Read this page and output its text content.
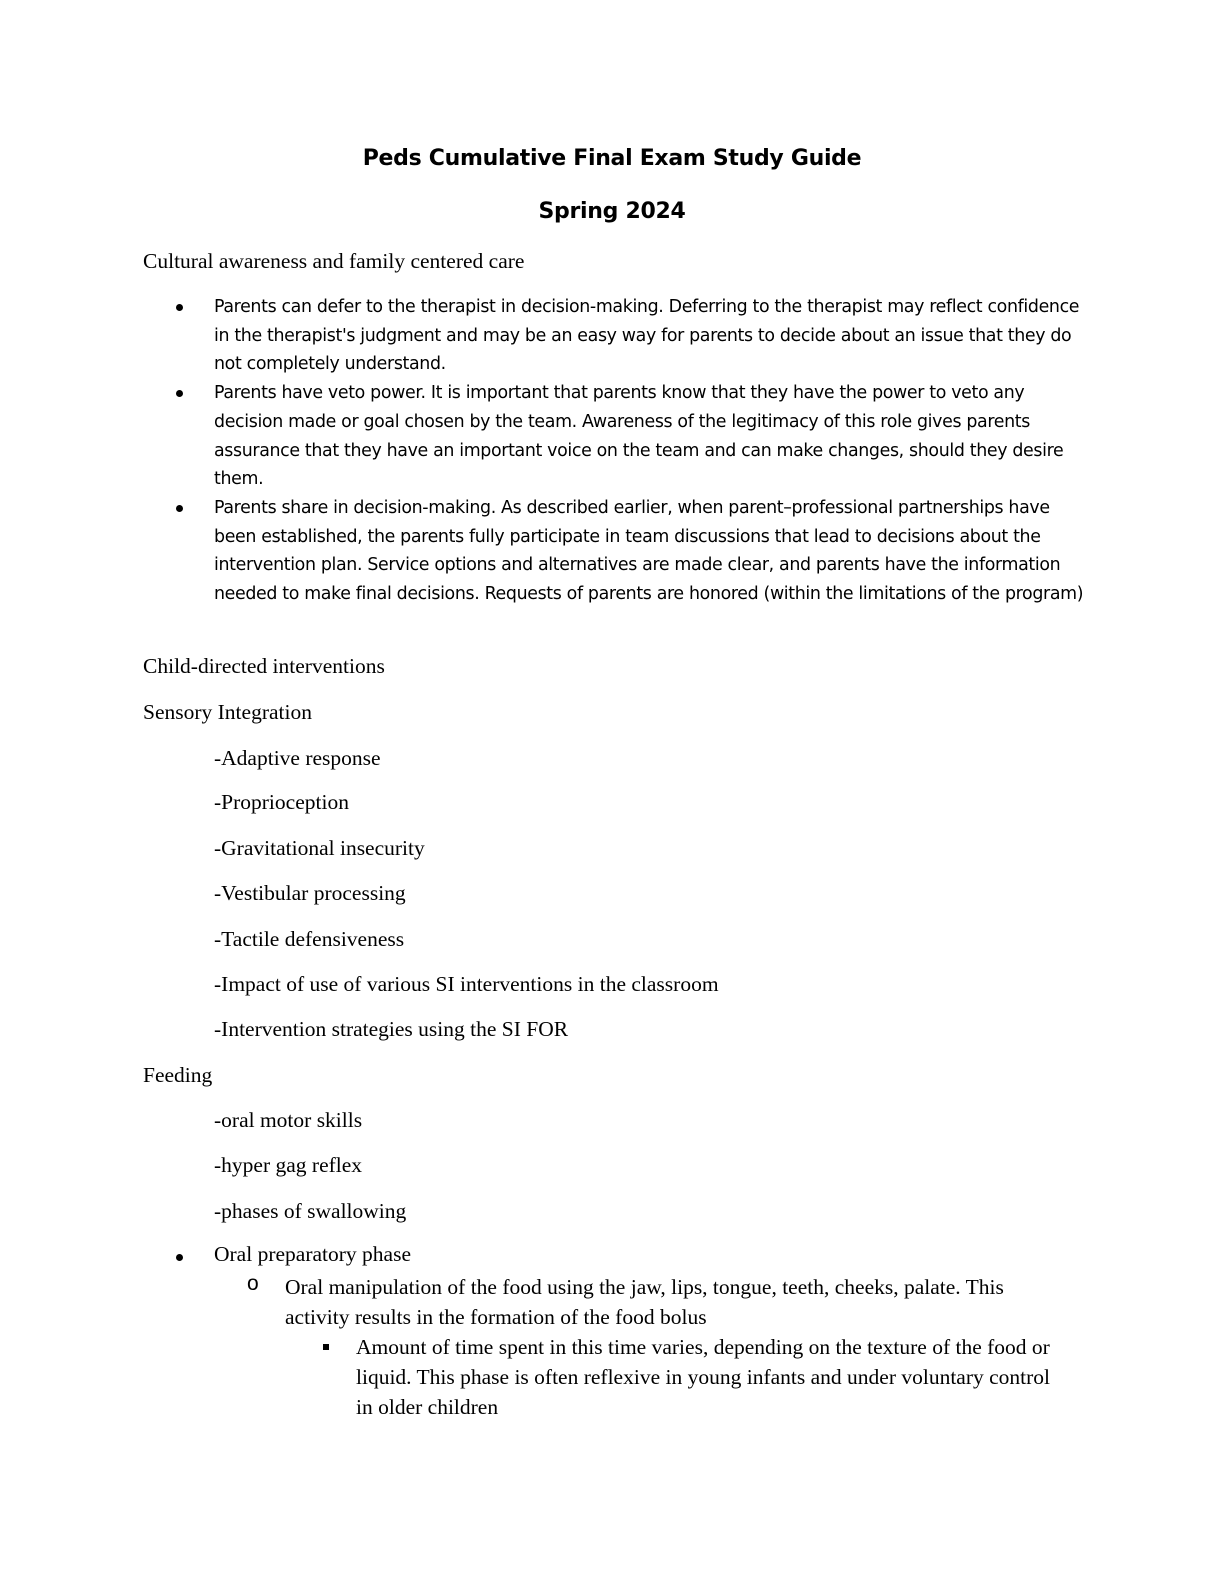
Peds Cumulative Final Exam Study Guide
Spring 2024
Cultural awareness and family centered care
Parents can defer to the therapist in decision-making. Deferring to the therapist may reflect confidence in the therapist's judgment and may be an easy way for parents to decide about an issue that they do not completely understand.
Parents have veto power. It is important that parents know that they have the power to veto any decision made or goal chosen by the team. Awareness of the legitimacy of this role gives parents assurance that they have an important voice on the team and can make changes, should they desire them.
Parents share in decision-making. As described earlier, when parent–professional partnerships have been established, the parents fully participate in team discussions that lead to decisions about the intervention plan. Service options and alternatives are made clear, and parents have the information needed to make final decisions. Requests of parents are honored (within the limitations of the program)
Child-directed interventions
Sensory Integration
-Adaptive response
-Proprioception
-Gravitational insecurity
-Vestibular processing
-Tactile defensiveness
-Impact of use of various SI interventions in the classroom
-Intervention strategies using the SI FOR
Feeding
-oral motor skills
-hyper gag reflex
-phases of swallowing
Oral preparatory phase
o Oral manipulation of the food using the jaw, lips, tongue, teeth, cheeks, palate. This activity results in the formation of the food bolus
Amount of time spent in this time varies, depending on the texture of the food or liquid. This phase is often reflexive in young infants and under voluntary control in older children
